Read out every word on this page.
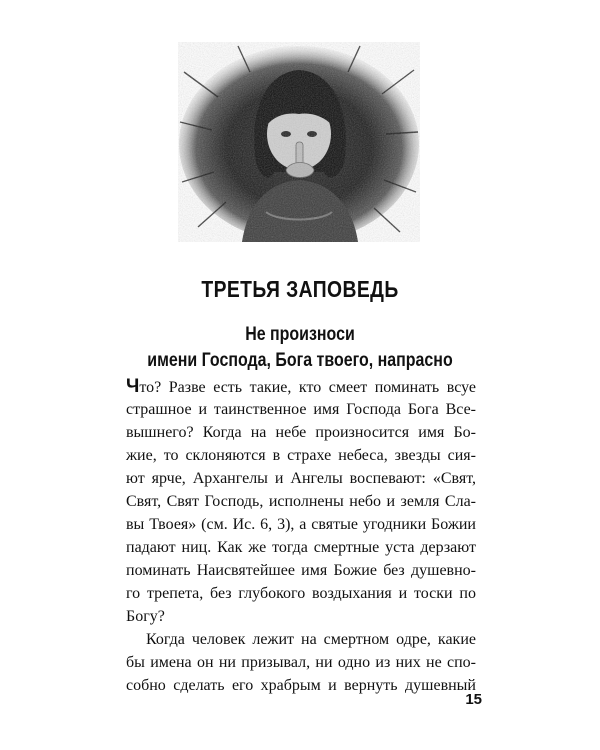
ТРЕТЬЯ ЗАПОВЕДЬ
Не произноси
имени Господа, Бога твоего, напрасно
Что? Разве есть такие, кто смеет поминать всуе
страшное и таинственное имя Господа Бога Все-
вышнего? Когда на небе произносится имя Бо-
жие, то склоняются в страхе небеса, звезды сия-
ют ярче, Архангелы и Ангелы воспевают: «Свят,
Свят, Свят Господь, исполнены небо и земля Сла-
вы Твоея» (см. Ис. 6, 3), а святые угодники Божии
падают ниц. Как же тогда смертные уста дерзают
поминать Наисвятейшее имя Божие без душевно-
го трепета, без глубокого воздыхания и тоски по
Богу?
Когда человек лежит на смертном одре, какие
бы имена он ни призывал, ни одно из них не спо-
собно сделать его храбрым и вернуть душевный
15
